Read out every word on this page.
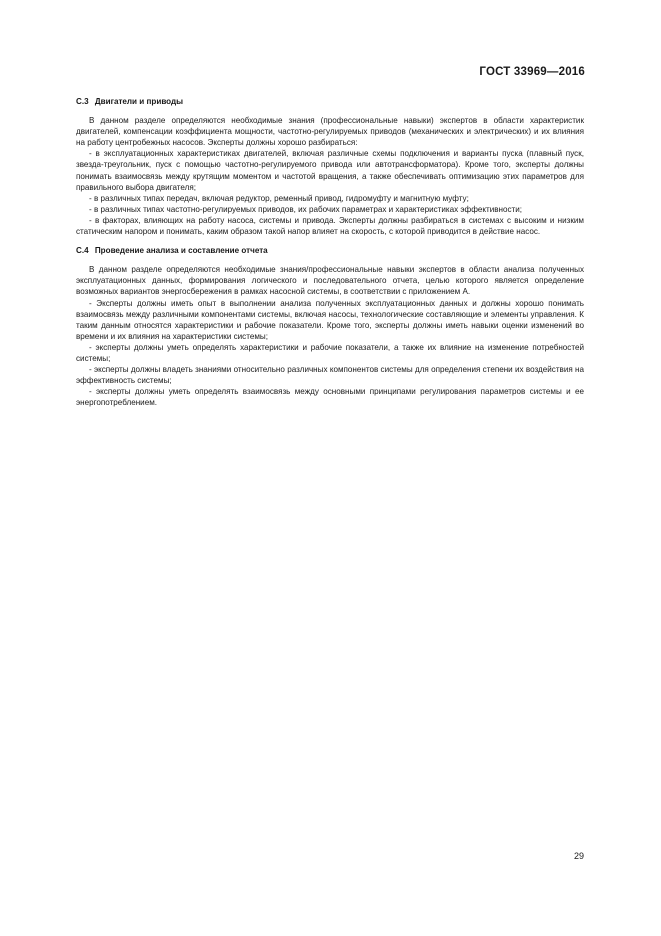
ГОСТ 33969—2016

С.3 Двигатели и приводы

В данном разделе определяются необходимые знания (профессиональные навыки) экспертов в области характеристик двигателей, компенсации коэффициента мощности, частотно-регулируемых приводов (механических и электрических) и их влияния на работу центробежных насосов. Эксперты должны хорошо разбираться:

- в эксплуатационных характеристиках двигателей, включая различные схемы подключения и варианты пуска (плавный пуск, звезда-треугольник, пуск с помощью частотно-регулируемого привода или автотрансформатора). Кроме того, эксперты должны понимать взаимосвязь между крутящим моментом и частотой вращения, а также обеспечивать оптимизацию этих параметров для правильного выбора двигателя;

- в различных типах передач, включая редуктор, ременный привод, гидромуфту и магнитную муфту;

- в различных типах частотно-регулируемых приводов, их рабочих параметрах и характеристиках эффективности;

- в факторах, влияющих на работу насоса, системы и привода. Эксперты должны разбираться в системах с высоким и низким статическим напором и понимать, каким образом такой напор влияет на скорость, с которой приводится в действие насос.

С.4 Проведение анализа и составление отчета

В данном разделе определяются необходимые знания/профессиональные навыки экспертов в области анализа полученных эксплуатационных данных, формирования логического и последовательного отчета, целью которого является определение возможных вариантов энергосбережения в рамках насосной системы, в соответствии с приложением А.

- Эксперты должны иметь опыт в выполнении анализа полученных эксплуатационных данных и должны хорошо понимать взаимосвязь между различными компонентами системы, включая насосы, технологические составляющие и элементы управления. К таким данным относятся характеристики и рабочие показатели. Кроме того, эксперты должны иметь навыки оценки изменений во времени и их влияния на характеристики системы;

- эксперты должны уметь определять характеристики и рабочие показатели, а также их влияние на изменение потребностей системы;

- эксперты должны владеть знаниями относительно различных компонентов системы для определения степени их воздействия на эффективность системы;

- эксперты должны уметь определять взаимосвязь между основными принципами регулирования параметров системы и ее энергопотреблением.

29
